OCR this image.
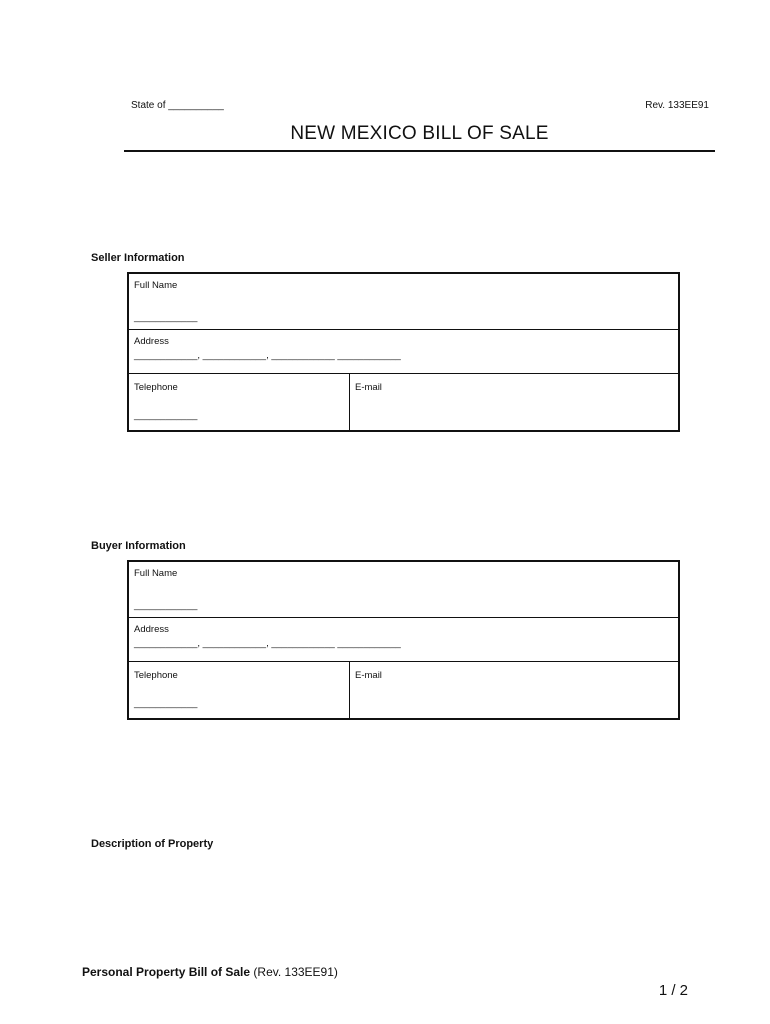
State of __________	Rev. 133EE91
NEW MEXICO BILL OF SALE
Seller Information
Full Name
____________
Address
____________, ____________, ____________ ____________
Telephone
____________
E-mail
Buyer Information
Full Name
____________
Address
____________, ____________, ____________ ____________
Telephone
____________
E-mail
Description of Property
Personal Property Bill of Sale (Rev. 133EE91)
1 / 2
